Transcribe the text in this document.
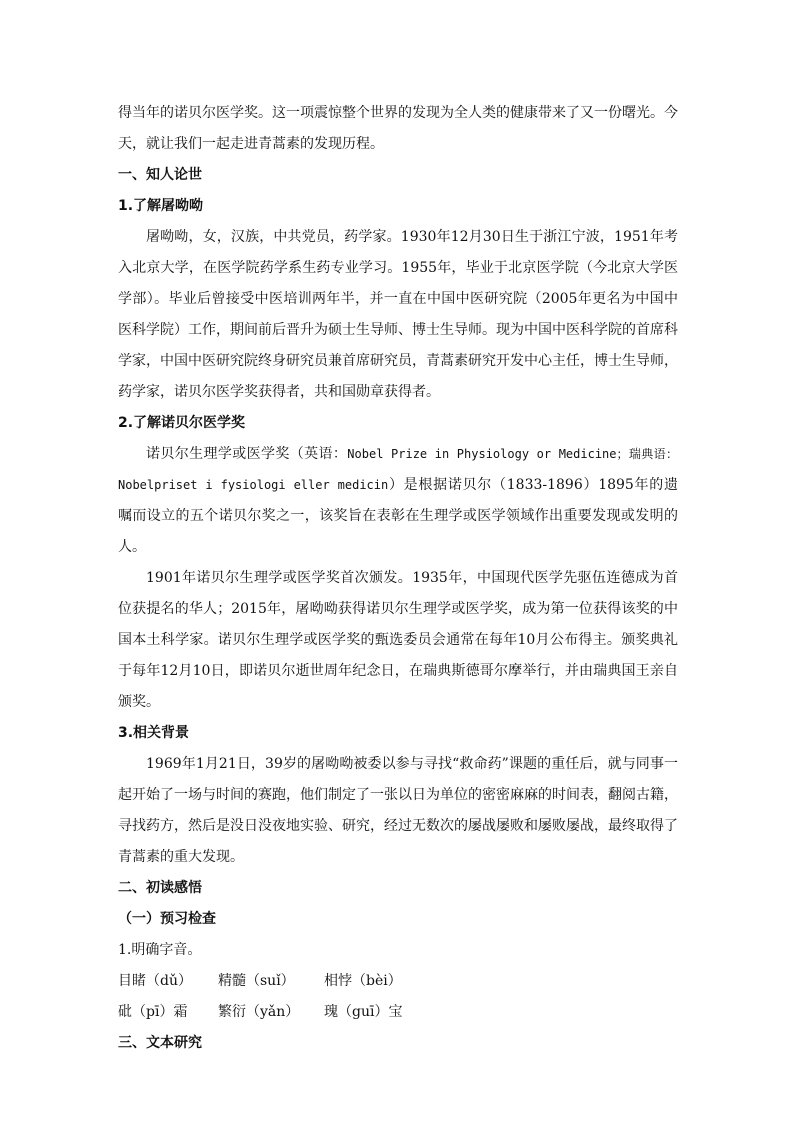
得当年的诺贝尔医学奖。这一项震惊整个世界的发现为全人类的健康带来了又一份曙光。今天，就让我们一起走进青蒿素的发现历程。

一、知人论世

1.了解屠呦呦

屠呦呦，女，汉族，中共党员，药学家。1930年12月30日生于浙江宁波，1951年考入北京大学，在医学院药学系生药专业学习。1955年，毕业于北京医学院（今北京大学医学部）。毕业后曾接受中医培训两年半，并一直在中国中医研究院（2005年更名为中国中医科学院）工作，期间前后晋升为硕士生导师、博士生导师。现为中国中医科学院的首席科学家，中国中医研究院终身研究员兼首席研究员，青蒿素研究开发中心主任，博士生导师，药学家，诺贝尔医学奖获得者，共和国勋章获得者。

2.了解诺贝尔医学奖

诺贝尔生理学或医学奖（英语：Nobel Prize in Physiology or Medicine；瑞典语：Nobelpriset i fysiologi eller medicin）是根据诺贝尔（1833-1896）1895年的遗嘱而设立的五个诺贝尔奖之一，该奖旨在表彰在生理学或医学领域作出重要发现或发明的人。

1901年诺贝尔生理学或医学奖首次颁发。1935年，中国现代医学先驱伍连德成为首位获提名的华人；2015年，屠呦呦获得诺贝尔生理学或医学奖，成为第一位获得该奖的中国本土科学家。诺贝尔生理学或医学奖的甄选委员会通常在每年10月公布得主。颁奖典礼于每年12月10日，即诺贝尔逝世周年纪念日，在瑞典斯德哥尔摩举行，并由瑞典国王亲自颁奖。

3.相关背景

1969年1月21日，39岁的屠呦呦被委以参与寻找“救命药”课题的重任后，就与同事一起开始了一场与时间的赛跑，他们制定了一张以日为单位的密密麻麻的时间表，翻阅古籍，寻找药方，然后是没日没夜地实验、研究，经过无数次的屡战屡败和屡败屡战，最终取得了青蒿素的重大发现。

二、初读感悟

（一）预习检查

1.明确字音。

目睹（dǔ） 精髓（suǐ） 相悖（bèi）
砒（pī）霜 繁衍（yǎn） 瑰（guī）宝

三、文本研究
